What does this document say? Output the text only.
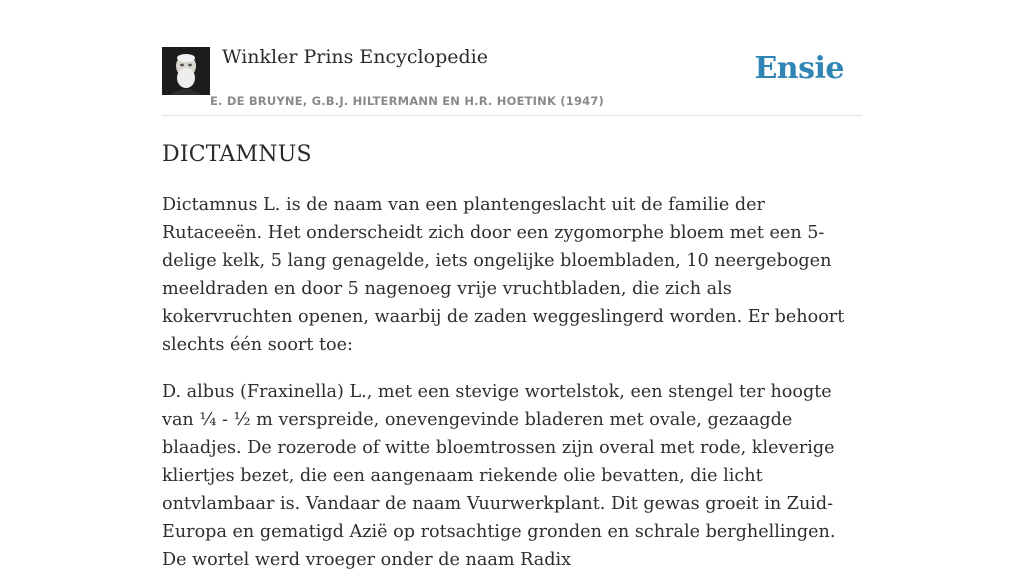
Winkler Prins Encyclopedie
E. DE BRUYNE, G.B.J. HILTERMANN EN H.R. HOETINK (1947)
Ensie
DICTAMNUS

Dictamnus L. is de naam van een plantengeslacht uit de familie der Rutaceeën. Het onderscheidt zich door een zygomorphe bloem met een 5-delige kelk, 5 lang genagelde, iets ongelijke bloembladen, 10 neergebogen meeldraden en door 5 nagenoeg vrije vruchtbladen, die zich als kokervruchten openen, waarbij de zaden weggeslingerd worden. Er behoort slechts één soort toe:

D. albus (Fraxinella) L., met een stevige wortelstok, een stengel ter hoogte van ¼ - ½ m verspreide, onevengevinde bladeren met ovale, gezaagde blaadjes. De rozerode of witte bloemtrossen zijn overal met rode, kleverige kliertjes bezet, die een aangenaam riekende olie bevatten, die licht ontvlambaar is. Vandaar de naam Vuurwerkplant. Dit gewas groeit in Zuid-Europa en gematigd Azië op rotsachtige gronden en schrale berghellingen. De wortel werd vroeger onder de naam Radix
